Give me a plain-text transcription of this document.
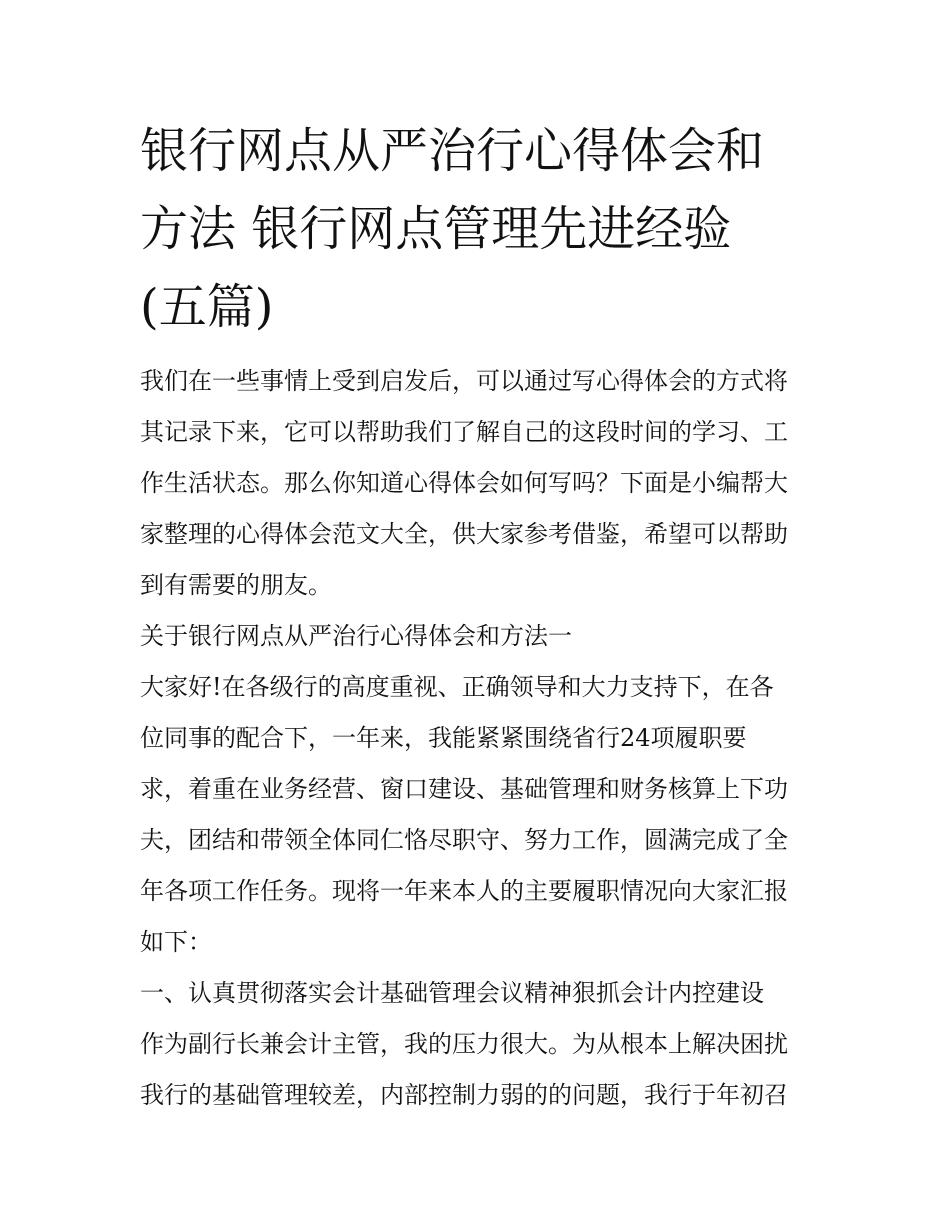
银行网点从严治行心得体会和
方法 银行网点管理先进经验
(五篇)
我们在一些事情上受到启发后，可以通过写心得体会的方式将
其记录下来，它可以帮助我们了解自己的这段时间的学习、工
作生活状态。那么你知道心得体会如何写吗？下面是小编帮大
家整理的心得体会范文大全，供大家参考借鉴，希望可以帮助
到有需要的朋友。
关于银行网点从严治行心得体会和方法一
大家好!在各级行的高度重视、正确领导和大力支持下，在各
位同事的配合下，一年来，我能紧紧围绕省行24项履职要
求，着重在业务经营、窗口建设、基础管理和财务核算上下功
夫，团结和带领全体同仁恪尽职守、努力工作，圆满完成了全
年各项工作任务。现将一年来本人的主要履职情况向大家汇报
如下：
一、认真贯彻落实会计基础管理会议精神狠抓会计内控建设
作为副行长兼会计主管，我的压力很大。为从根本上解决困扰
我行的基础管理较差，内部控制力弱的的问题，我行于年初召
